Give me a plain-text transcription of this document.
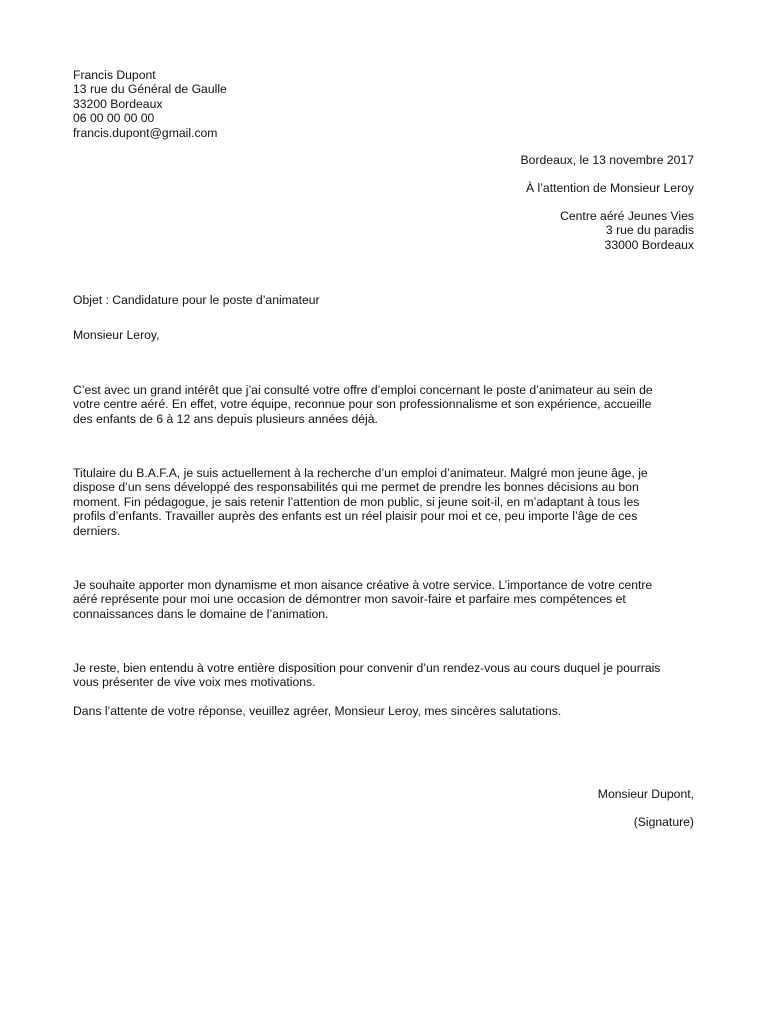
Francis Dupont
13 rue du Général de Gaulle
33200 Bordeaux
06 00 00 00 00
francis.dupont@gmail.com
Bordeaux, le 13 novembre 2017
À l’attention de Monsieur Leroy
Centre aéré Jeunes Vies
3 rue du paradis
33000 Bordeaux
Objet : Candidature pour le poste d’animateur
Monsieur Leroy,
C’est avec un grand intérêt que j’ai consulté votre offre d’emploi concernant le poste d’animateur au sein de
votre centre aéré. En effet, votre équipe, reconnue pour son professionnalisme et son expérience, accueille
des enfants de 6 à 12 ans depuis plusieurs années déjà.
Titulaire du B.A.F.A, je suis actuellement à la recherche d’un emploi d’animateur. Malgré mon jeune âge, je
dispose d’un sens développé des responsabilités qui me permet de prendre les bonnes décisions au bon
moment. Fin pédagogue, je sais retenir l’attention de mon public, si jeune soit-il, en m’adaptant à tous les
profils d’enfants. Travailler auprès des enfants est un réel plaisir pour moi et ce, peu importe l’âge de ces
derniers.
Je souhaite apporter mon dynamisme et mon aisance créative à votre service. L’importance de votre centre
aéré représente pour moi une occasion de démontrer mon savoir-faire et parfaire mes compétences et
connaissances dans le domaine de l’animation.
Je reste, bien entendu à votre entière disposition pour convenir d’un rendez-vous au cours duquel je pourrais
vous présenter de vive voix mes motivations.
Dans l’attente de votre réponse, veuillez agréer, Monsieur Leroy, mes sincères salutations.
Monsieur Dupont,
(Signature)
